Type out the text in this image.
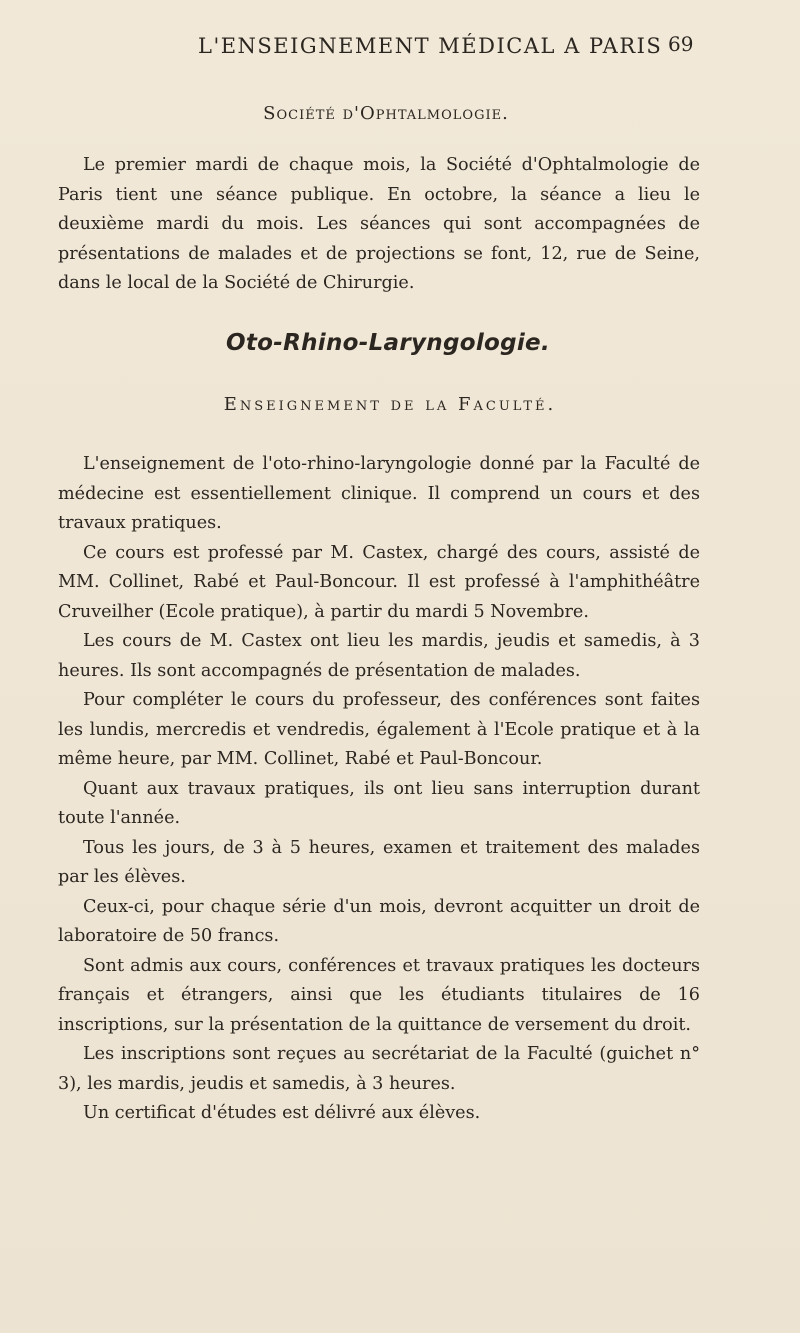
L'ENSEIGNEMENT MÉDICAL A PARIS 69
Société d'Ophtalmologie.

Le premier mardi de chaque mois, la Société d'Ophtalmologie de Paris tient une séance publique. En octobre, la séance a lieu le deuxième mardi du mois. Les séances qui sont accompagnées de présentations de malades et de projections se font, 12, rue de Seine, dans le local de la Société de Chirurgie.

Oto-Rhino-Laryngologie.
Enseignement de la Faculté.

L'enseignement de l'oto-rhino-laryngologie donné par la Faculté de médecine est essentiellement clinique. Il comprend un cours et des travaux pratiques.

Ce cours est professé par M. Castex, chargé des cours, assisté de MM. Collinet, Rabé et Paul-Boncour. Il est professé à l'amphithéâtre Cruveilher (Ecole pratique), à partir du mardi 5 Novembre.

Les cours de M. Castex ont lieu les mardis, jeudis et samedis, à 3 heures. Ils sont accompagnés de présentation de malades.

Pour compléter le cours du professeur, des conférences sont faites les lundis, mercredis et vendredis, également à l'Ecole pratique et à la même heure, par MM. Collinet, Rabé et Paul-Boncour.

Quant aux travaux pratiques, ils ont lieu sans interruption durant toute l'année.

Tous les jours, de 3 à 5 heures, examen et traitement des malades par les élèves.

Ceux-ci, pour chaque série d'un mois, devront acquitter un droit de laboratoire de 50 francs.

Sont admis aux cours, conférences et travaux pratiques les docteurs français et étrangers, ainsi que les étudiants titulaires de 16 inscriptions, sur la présentation de la quittance de versement du droit.

Les inscriptions sont reçues au secrétariat de la Faculté (guichet n° 3), les mardis, jeudis et samedis, à 3 heures.

Un certificat d'études est délivré aux élèves.
